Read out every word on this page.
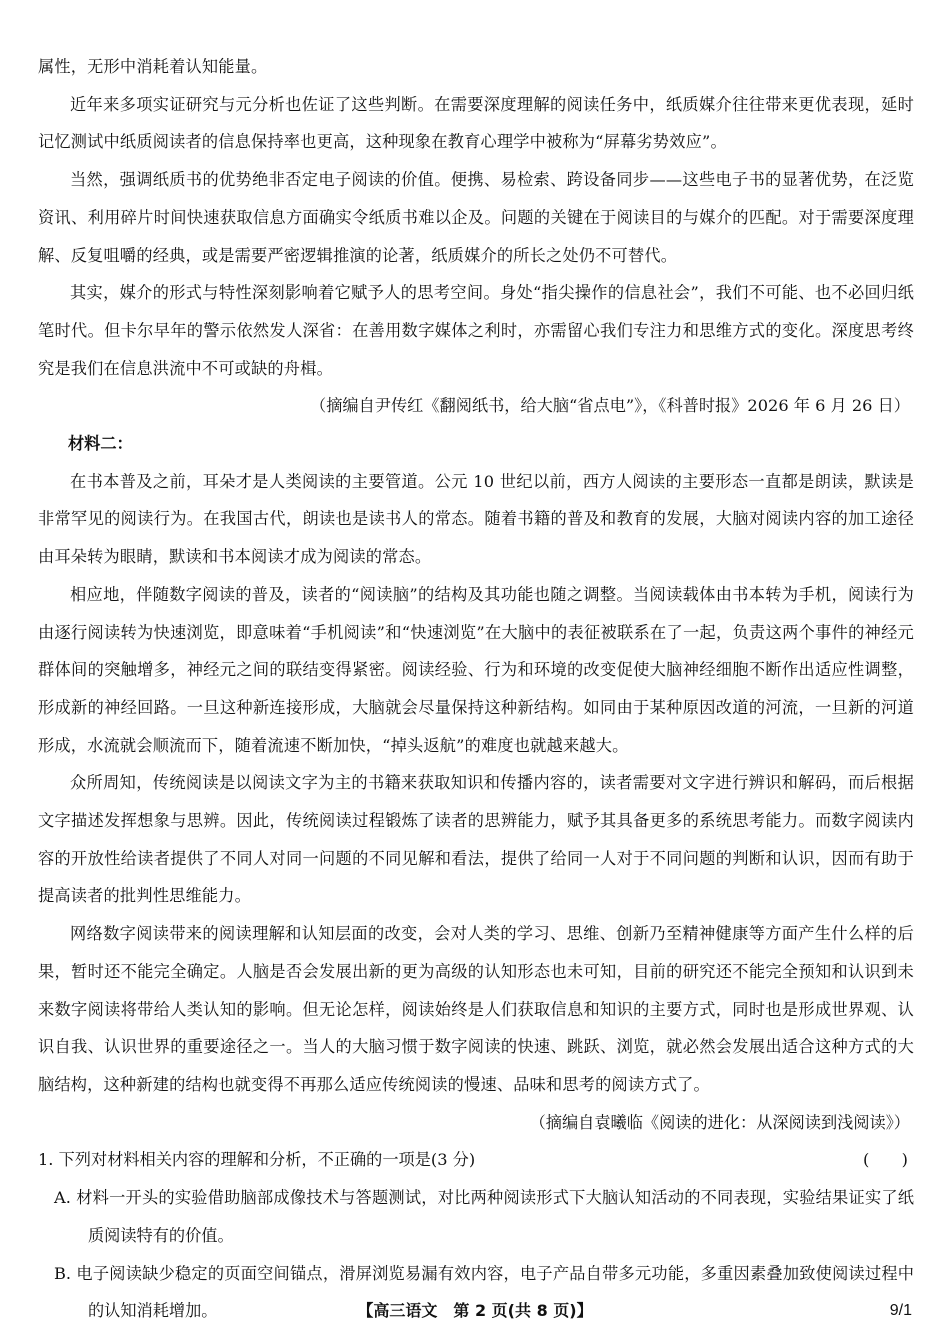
属性，无形中消耗着认知能量。

近年来多项实证研究与元分析也佐证了这些判断。在需要深度理解的阅读任务中，纸质媒介往往带来更优表现，延时记忆测试中纸质阅读者的信息保持率也更高，这种现象在教育心理学中被称为“屏幕劣势效应”。

当然，强调纸质书的优势绝非否定电子阅读的价值。便携、易检索、跨设备同步——这些电子书的显著优势，在泛览资讯、利用碎片时间快速获取信息方面确实令纸质书难以企及。问题的关键在于阅读目的与媒介的匹配。对于需要深度理解、反复咀嚼的经典，或是需要严密逻辑推演的论著，纸质媒介的所长之处仍不可替代。

其实，媒介的形式与特性深刻影响着它赋予人的思考空间。身处“指尖操作的信息社会”，我们不可能、也不必回归纸笔时代。但卡尔早年的警示依然发人深省：在善用数字媒体之利时，亦需留心我们专注力和思维方式的变化。深度思考终究是我们在信息洪流中不可或缺的舟楫。

（摘编自尹传红《翻阅纸书，给大脑“省点电”》，《科普时报》2026 年 6 月 26 日）

材料二：

在书本普及之前，耳朵才是人类阅读的主要管道。公元 10 世纪以前，西方人阅读的主要形态一直都是朗读，默读是非常罕见的阅读行为。在我国古代，朗读也是读书人的常态。随着书籍的普及和教育的发展，大脑对阅读内容的加工途径由耳朵转为眼睛，默读和书本阅读才成为阅读的常态。

相应地，伴随数字阅读的普及，读者的“阅读脑”的结构及其功能也随之调整。当阅读载体由书本转为手机，阅读行为由逐行阅读转为快速浏览，即意味着“手机阅读”和“快速浏览”在大脑中的表征被联系在了一起，负责这两个事件的神经元群体间的突触增多，神经元之间的联结变得紧密。阅读经验、行为和环境的改变促使大脑神经细胞不断作出适应性调整，形成新的神经回路。一旦这种新连接形成，大脑就会尽量保持这种新结构。如同由于某种原因改道的河流，一旦新的河道形成，水流就会顺流而下，随着流速不断加快，“掉头返航”的难度也就越来越大。

众所周知，传统阅读是以阅读文字为主的书籍来获取知识和传播内容的，读者需要对文字进行辨识和解码，而后根据文字描述发挥想象与思辨。因此，传统阅读过程锻炼了读者的思辨能力，赋予其具备更多的系统思考能力。而数字阅读内容的开放性给读者提供了不同人对同一问题的不同见解和看法，提供了给同一人对于不同问题的判断和认识，因而有助于提高读者的批判性思维能力。

网络数字阅读带来的阅读理解和认知层面的改变，会对人类的学习、思维、创新乃至精神健康等方面产生什么样的后果，暂时还不能完全确定。人脑是否会发展出新的更为高级的认知形态也未可知，目前的研究还不能完全预知和认识到未来数字阅读将带给人类认知的影响。但无论怎样，阅读始终是人们获取信息和知识的主要方式，同时也是形成世界观、认识自我、认识世界的重要途径之一。当人的大脑习惯于数字阅读的快速、跳跃、浏览，就必然会发展出适合这种方式的大脑结构，这种新建的结构也就变得不再那么适应传统阅读的慢速、品味和思考的阅读方式了。

（摘编自袁曦临《阅读的进化：从深阅读到浅阅读》）

1. 下列对材料相关内容的理解和分析，不正确的一项是(3 分)	(　　)

A. 材料一开头的实验借助脑部成像技术与答题测试，对比两种阅读形式下大脑认知活动的不同表现，实验结果证实了纸质阅读特有的价值。

B. 电子阅读缺少稳定的页面空间锚点，滑屏浏览易漏有效内容，电子产品自带多元功能，多重因素叠加致使阅读过程中的认知消耗增加。	【高三语文　第 2 页(共 8 页)】	9/1
